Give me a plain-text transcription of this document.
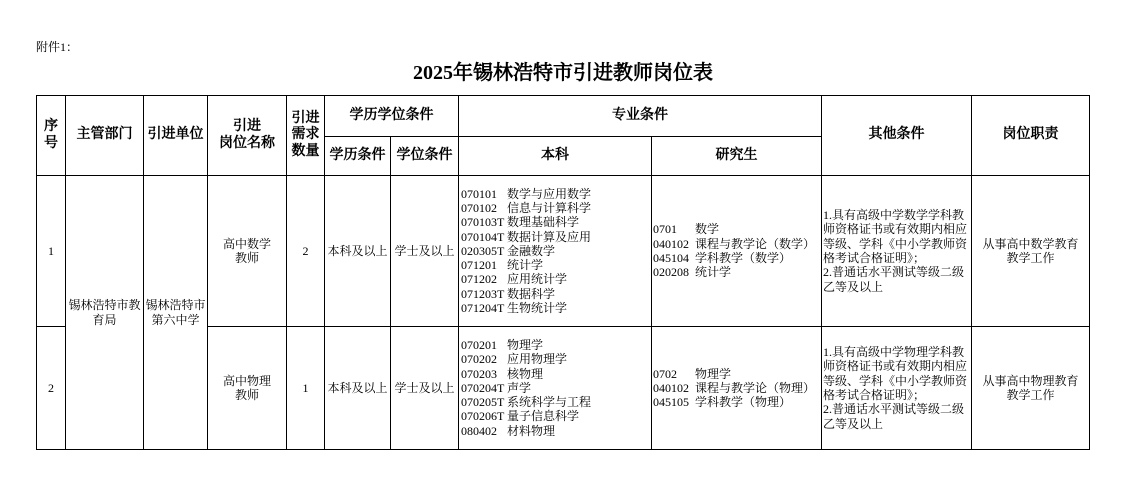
附件1：
2025年锡林浩特市引进教师岗位表
序号
主管部门 引进单位
引进
岗位名称
引进需求数量
学历学位条件
学历条件 学位条件
专业条件
本科	研究生
其他条件	岗位职责
锡林浩特市教育局
锡林浩特市第六中学
1
高中数学
教师
2 本科及以上 学士及以上
070101 数学与应用数学
070102 信息与计算科学
070103T 数理基础科学
070104T 数据计算及应用
020305T 金融数学
071201 统计学
071202 应用统计学
071203T 数据科学
071204T 生物统计学
0701 数学
040102 课程与教学论（数学）
045104 学科教学（数学）
020208 统计学

1.具有高级中学数学学科教师资格证书或有效期内相应等级、学科《中小学教师资格考试合格证明》；

2.普通话水平测试等级二级乙等及以上

从事高中数学教育
教学工作
2
高中物理
教师
1 本科及以上 学士及以上
070201 物理学
070202 应用物理学
070203 核物理
070204T 声学
070205T 系统科学与工程
070206T 量子信息科学
080402 材料物理
0702 物理学
040102 课程与教学论（物理）
045105 学科教学（物理）

1.具有高级中学物理学科教师资格证书或有效期内相应等级、学科《中小学教师资格考试合格证明》；

2.普通话水平测试等级二级乙等及以上

从事高中物理教育
教学工作
